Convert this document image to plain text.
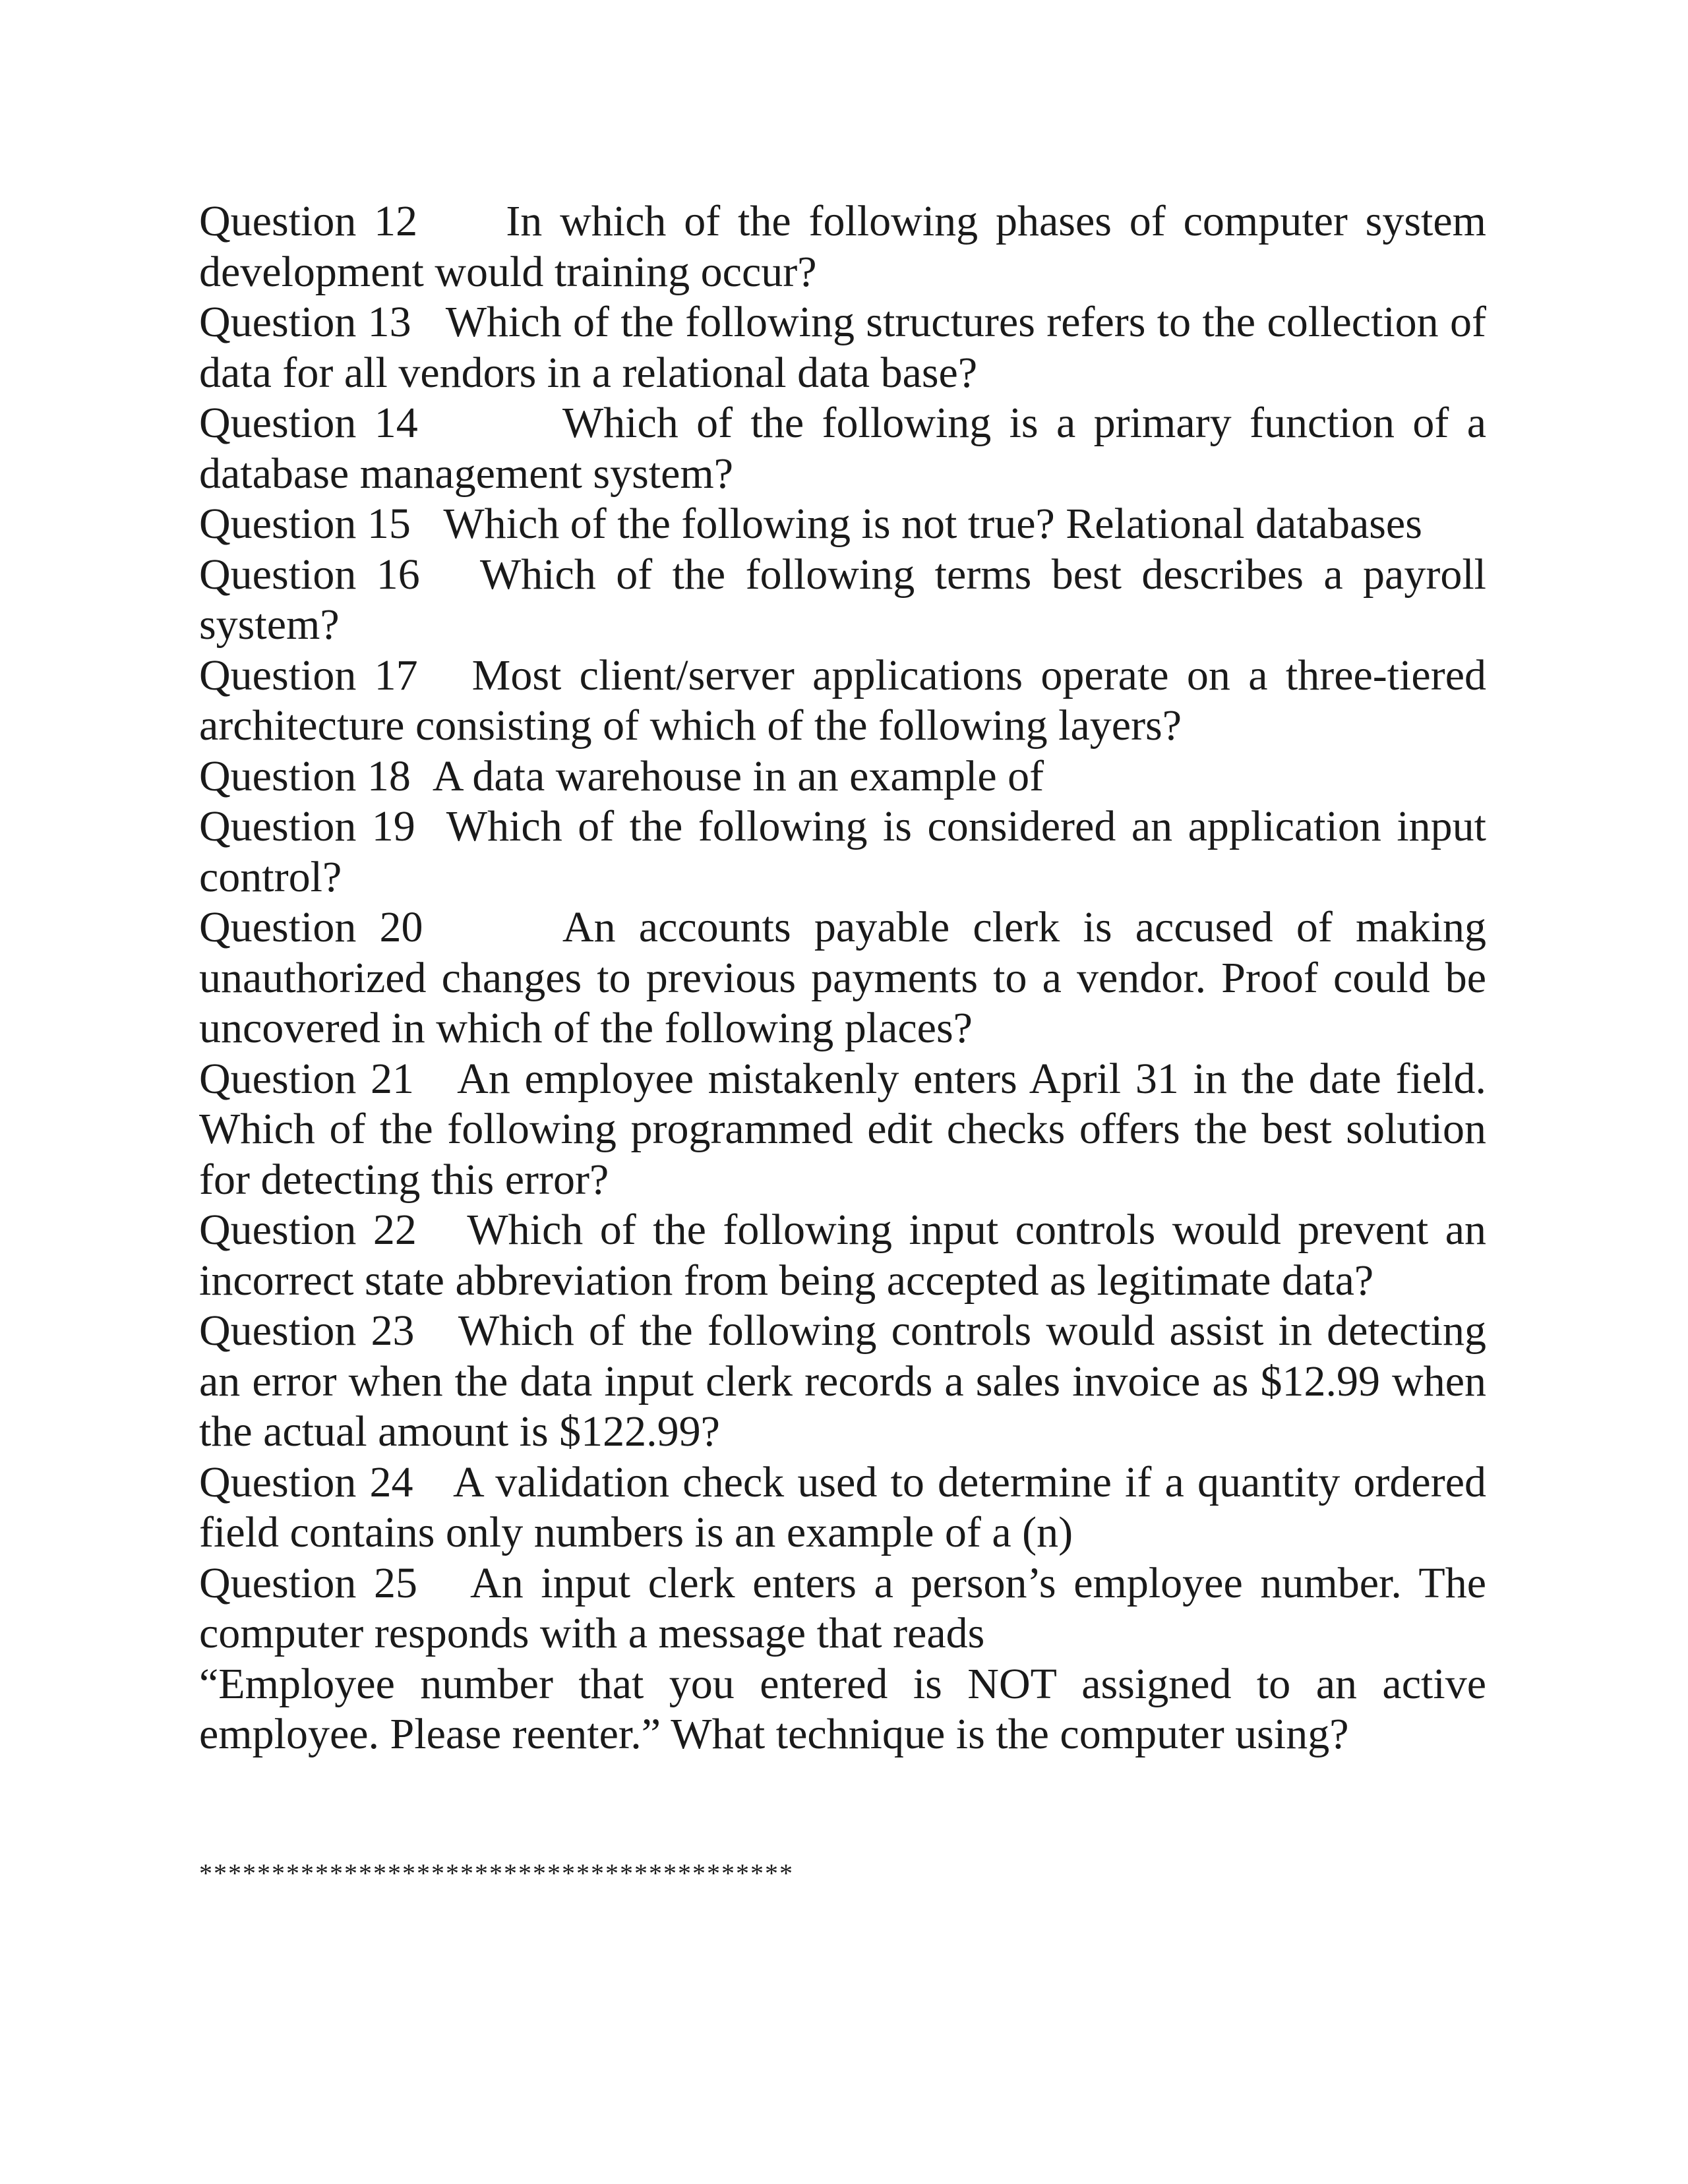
Question 12 In which of the following phases of computer system development would training occur?

Question 13 Which of the following structures refers to the collection of data for all vendors in a relational data base?

Question 14	Which of the following is a primary function of a database management system?

Question 15 Which of the following is not true? Relational databases

Question 16 Which of the following terms best describes a payroll system?

Question 17 Most client/server applications operate on a three-tiered architecture consisting of which of the following layers?

Question 18 A data warehouse in an example of

Question 19 Which of the following is considered an application input control?

Question 20	An accounts payable clerk is accused of making unauthorized changes to previous payments to a vendor. Proof could be uncovered in which of the following places?

Question 21 An employee mistakenly enters April 31 in the date field. Which of the following programmed edit checks offers the best solution for detecting this error?

Question 22 Which of the following input controls would prevent an incorrect state abbreviation from being accepted as legitimate data?

Question 23 Which of the following controls would assist in detecting an error when the data input clerk records a sales invoice as $12.99 when the actual amount is $122.99?

Question 24 A validation check used to determine if a quantity ordered field contains only numbers is an example of a (n)

Question 25 An input clerk enters a person’s employee number. The computer responds with a message that reads

“Employee number that you entered is NOT assigned to an active employee. Please reenter.” What technique is the computer using?

*****************************************
